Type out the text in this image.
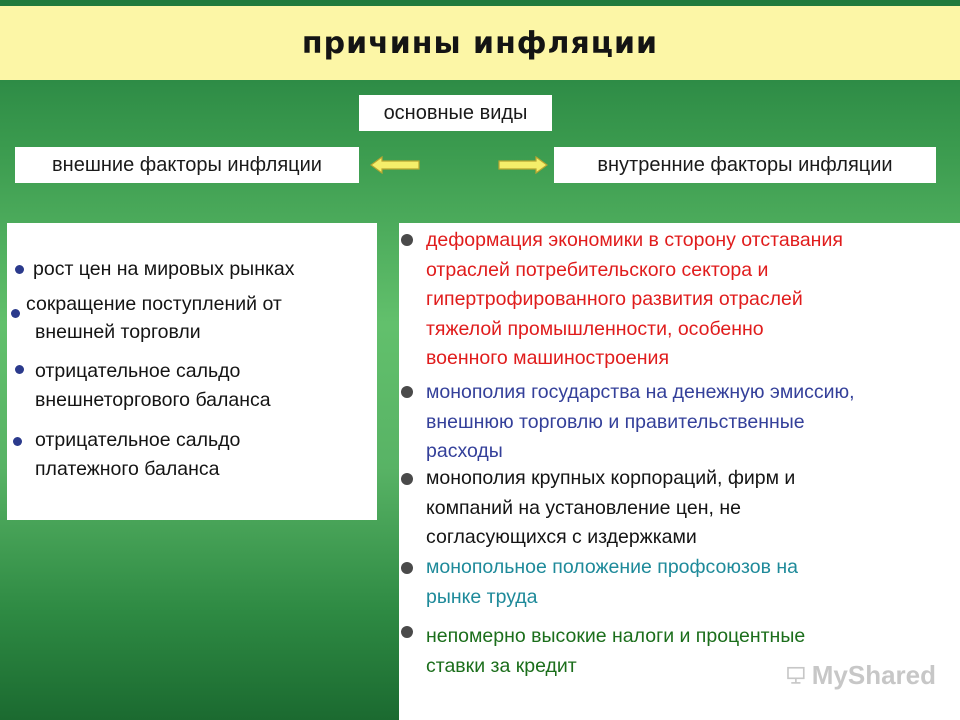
причины инфляции
основные виды
внешние факторы инфляции	внутренние факторы инфляции
рост цен на мировых рынках
сокращение поступлений от
внешней торговли
отрицательное сальдо
внешнеторгового баланса
отрицательное сальдо
платежного баланса
деформация экономики в сторону отставания
отраслей потребительского сектора и
гипертрофированного развития отраслей
тяжелой промышленности, особенно
военного машиностроения
монополия государства на денежную эмиссию,
внешнюю торговлю и правительственные
расходы
монополия крупных корпораций, фирм и
компаний на установление цен, не
согласующихся с издержками
монопольное положение профсоюзов на
рынке труда
непомерно высокие налоги и процентные
ставки за кредит	MyShared
